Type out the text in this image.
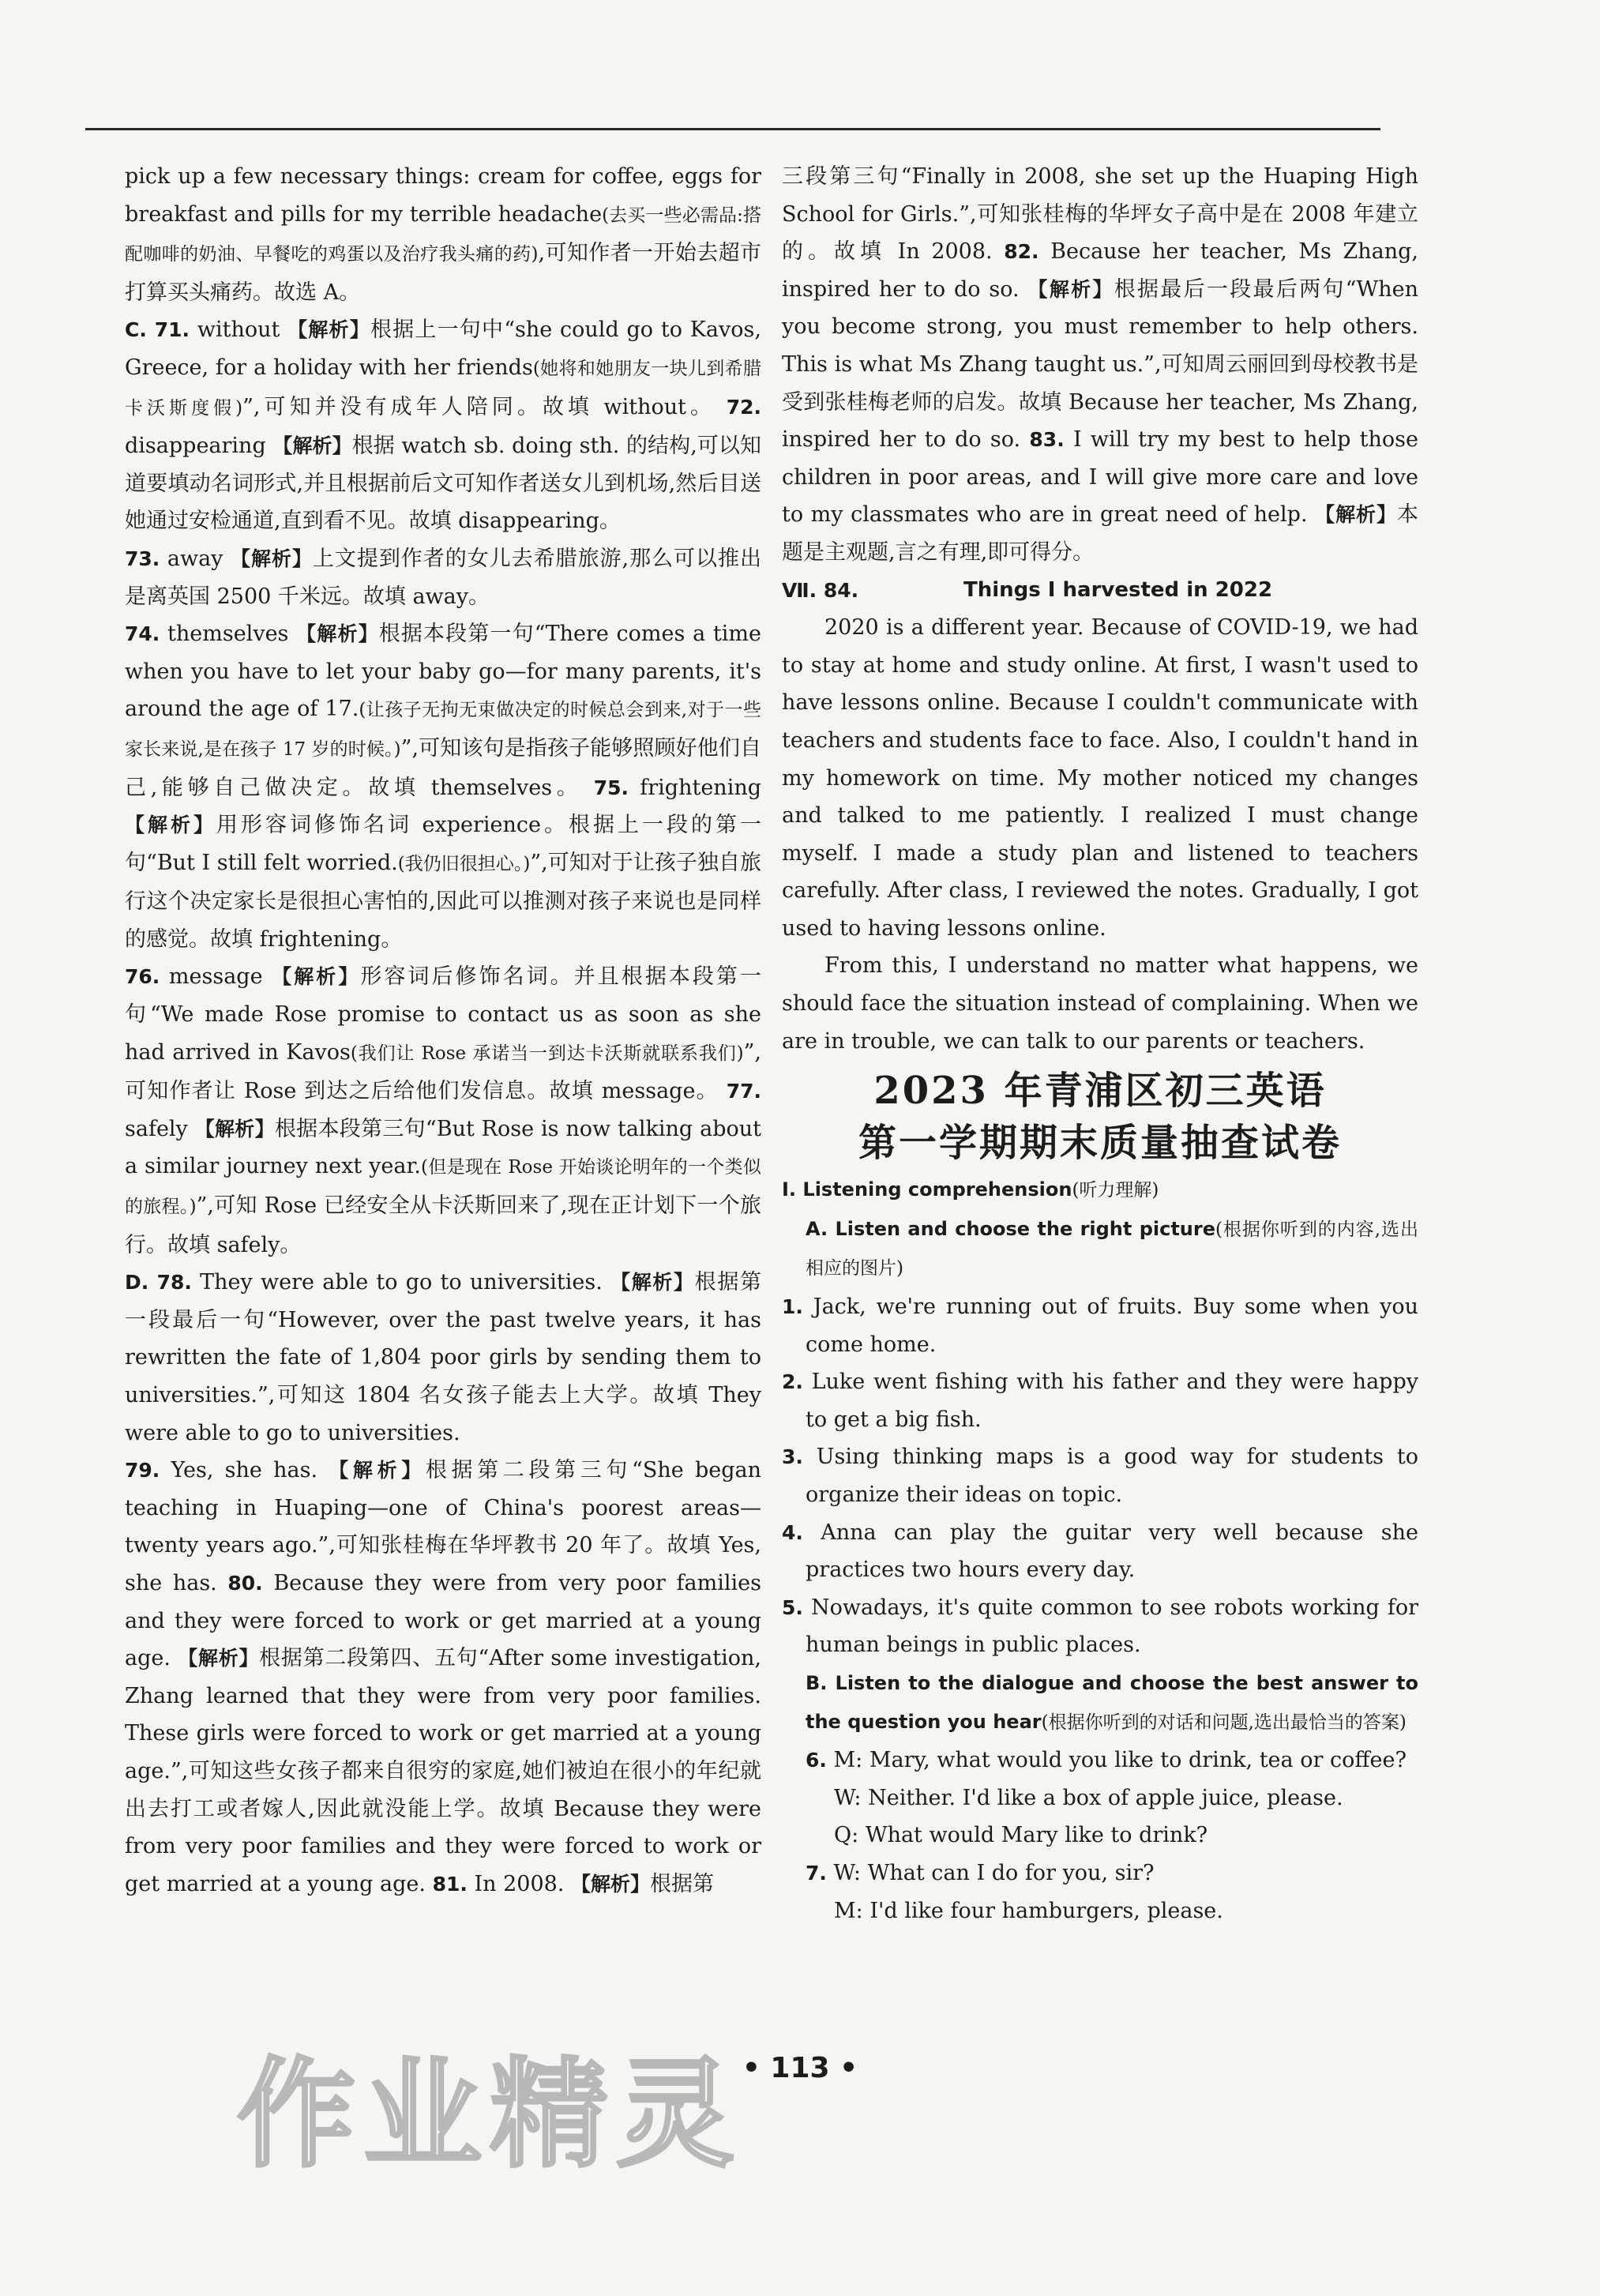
pick up a few necessary things: cream for coffee, eggs for breakfast and pills for my terrible headache(去买一些必需品:搭配咖啡的奶油、早餐吃的鸡蛋以及治疗我头痛的药),可知作者一开始去超市打算买头痛药。故选 A。

C. 71. without 【解析】根据上一句中“she could go to Kavos, Greece, for a holiday with her friends(她将和她朋友一块儿到希腊卡沃斯度假)”,可知并没有成年人陪同。故填 without。 72. disappearing 【解析】根据 watch sb. doing sth. 的结构,可以知道要填动名词形式,并且根据前后文可知作者送女儿到机场,然后目送她通过安检通道,直到看不见。故填 disappearing。

73. away 【解析】上文提到作者的女儿去希腊旅游,那么可以推出是离英国 2500 千米远。故填 away。

74. themselves 【解析】根据本段第一句“There comes a time when you have to let your baby go—for many parents, it's around the age of 17.(让孩子无拘无束做决定的时候总会到来,对于一些家长来说,是在孩子 17 岁的时候。)”,可知该句是指孩子能够照顾好他们自己,能够自己做决定。故填 themselves。 75. frightening 【解析】用形容词修饰名词 experience。根据上一段的第一句“But I still felt worried.(我仍旧很担心。)”,可知对于让孩子独自旅行这个决定家长是很担心害怕的,因此可以推测对孩子来说也是同样的感觉。故填 frightening。

76. message 【解析】形容词后修饰名词。并且根据本段第一句“We made Rose promise to contact us as soon as she had arrived in Kavos(我们让 Rose 承诺当一到达卡沃斯就联系我们)”,可知作者让 Rose 到达之后给他们发信息。故填 message。 77. safely 【解析】根据本段第三句“But Rose is now talking about a similar journey next year.(但是现在 Rose 开始谈论明年的一个类似的旅程。)”,可知 Rose 已经安全从卡沃斯回来了,现在正计划下一个旅行。故填 safely。

D. 78. They were able to go to universities. 【解析】根据第一段最后一句“However, over the past twelve years, it has rewritten the fate of 1,804 poor girls by sending them to universities.”,可知这 1804 名女孩子能去上大学。故填 They were able to go to universities.

79. Yes, she has. 【解析】根据第二段第三句“She began teaching in Huaping—one of China's poorest areas—twenty years ago.”,可知张桂梅在华坪教书 20 年了。故填 Yes, she has. 80. Because they were from very poor families and they were forced to work or get married at a young age. 【解析】根据第二段第四、五句“After some investigation, Zhang learned that they were from very poor families. These girls were forced to work or get married at a young age.”,可知这些女孩子都来自很穷的家庭,她们被迫在很小的年纪就出去打工或者嫁人,因此就没能上学。故填 Because they were from very poor families and they were forced to work or get married at a young age. 81. In 2008. 【解析】根据第

三段第三句“Finally in 2008, she set up the Huaping High School for Girls.”,可知张桂梅的华坪女子高中是在 2008 年建立的。故填 In 2008. 82. Because her teacher, Ms Zhang, inspired her to do so. 【解析】根据最后一段最后两句“When you become strong, you must remember to help others. This is what Ms Zhang taught us.”,可知周云丽回到母校教书是受到张桂梅老师的启发。故填 Because her teacher, Ms Zhang, inspired her to do so. 83. I will try my best to help those children in poor areas, and I will give more care and love to my classmates who are in great need of help. 【解析】本题是主观题,言之有理,即可得分。

Ⅶ. 84.	Things I harvested in 2022

2020 is a different year. Because of COVID-19, we had to stay at home and study online. At first, I wasn't used to have lessons online. Because I couldn't communicate with teachers and students face to face. Also, I couldn't hand in my homework on time. My mother noticed my changes and talked to me patiently. I realized I must change myself. I made a study plan and listened to teachers carefully. After class, I reviewed the notes. Gradually, I got used to having lessons online.

From this, I understand no matter what happens, we should face the situation instead of complaining. When we are in trouble, we can talk to our parents or teachers.

2023 年青浦区初三英语
第一学期期末质量抽查试卷

Ⅰ. Listening comprehension(听力理解)

A. Listen and choose the right picture(根据你听到的内容,选出相应的图片)

1. Jack, we're running out of fruits. Buy some when you come home.

2. Luke went fishing with his father and they were happy to get a big fish.

3. Using thinking maps is a good way for students to organize their ideas on topic.

4. Anna can play the guitar very well because she practices two hours every day.

5. Nowadays, it's quite common to see robots working for human beings in public places.

B. Listen to the dialogue and choose the best answer to the question you hear(根据你听到的对话和问题,选出最恰当的答案)

6. M: Mary, what would you like to drink, tea or coffee?

W: Neither. I'd like a box of apple juice, please.

Q: What would Mary like to drink?

7. W: What can I do for you, sir?

M: I'd like four hamburgers, please.

作业精灵 • 113 •
